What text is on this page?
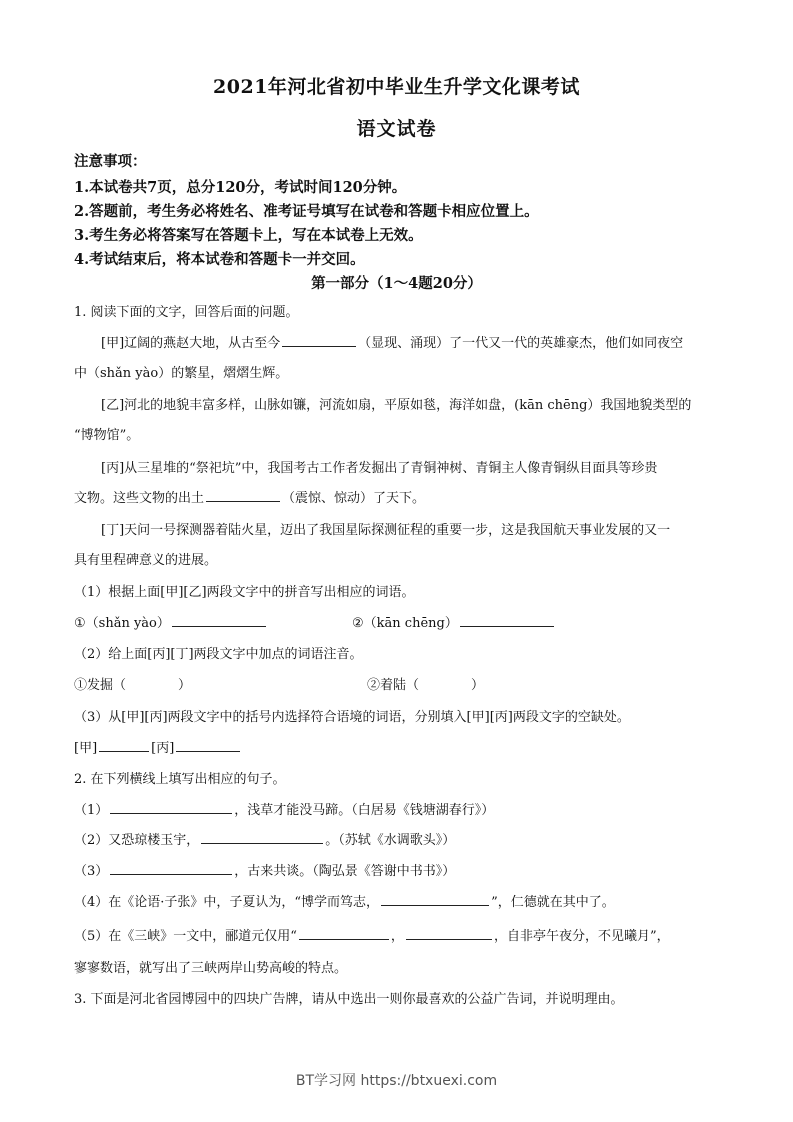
2021年河北省初中毕业生升学文化课考试
语文试卷
注意事项：
1.本试卷共7页，总分120分，考试时间120分钟。
2.答题前，考生务必将姓名、准考证号填写在试卷和答题卡相应位置上。
3.考生务必将答案写在答题卡上，写在本试卷上无效。
4.考试结束后，将本试卷和答题卡一并交回。
第一部分（1～4题20分）
1. 阅读下面的文字，回答后面的问题。
[甲]辽阔的燕赵大地，从古至今	（显现、涌现）了一代又一代的英雄豪杰，他们如同夜空
中（shǎn yào）的繁星，熠熠生辉。
[乙]河北的地貌丰富多样，山脉如镰，河流如扇，平原如毯，海洋如盘，(kān chēng）我国地貌类型的
“博物馆”。
[丙]从三星堆的“祭祀坑”中，我国考古工作者发掘出了青铜神树、青铜主人像青铜纵目面具等珍贵
文物。这些文物的出土	（震惊、惊动）了天下。
[丁]天问一号探测器着陆火星，迈出了我国星际探测征程的重要一步，这是我国航天事业发展的又一
具有里程碑意义的进展。
（1）根据上面[甲][乙]两段文字中的拼音写出相应的词语。
①（shǎn yào）	②（kān chēng）
（2）给上面[丙][丁]两段文字中加点的词语注音。
①发掘（　　　　）	②着陆（　　　　）
（3）从[甲][丙]两段文字中的括号内选择符合语境的词语，分别填入[甲][丙]两段文字的空缺处。
[甲]	[丙]
2. 在下列横线上填写出相应的句子。
（1）	，浅草才能没马蹄。（白居易《钱塘湖春行》）
（2）又恐琼楼玉宇，	。（苏轼《水调歌头》）
（3）	，古来共谈。（陶弘景《答谢中书书》）
（4）在《论语·子张》中，子夏认为，“博学而笃志，	”，仁德就在其中了。
（5）在《三峡》一文中，郦道元仅用“	，	，自非亭午夜分，不见曦月”，
寥寥数语，就写出了三峡两岸山势高峻的特点。
3. 下面是河北省园博园中的四块广告牌，请从中选出一则你最喜欢的公益广告词，并说明理由。
BT学习网 https://btxuexi.com
